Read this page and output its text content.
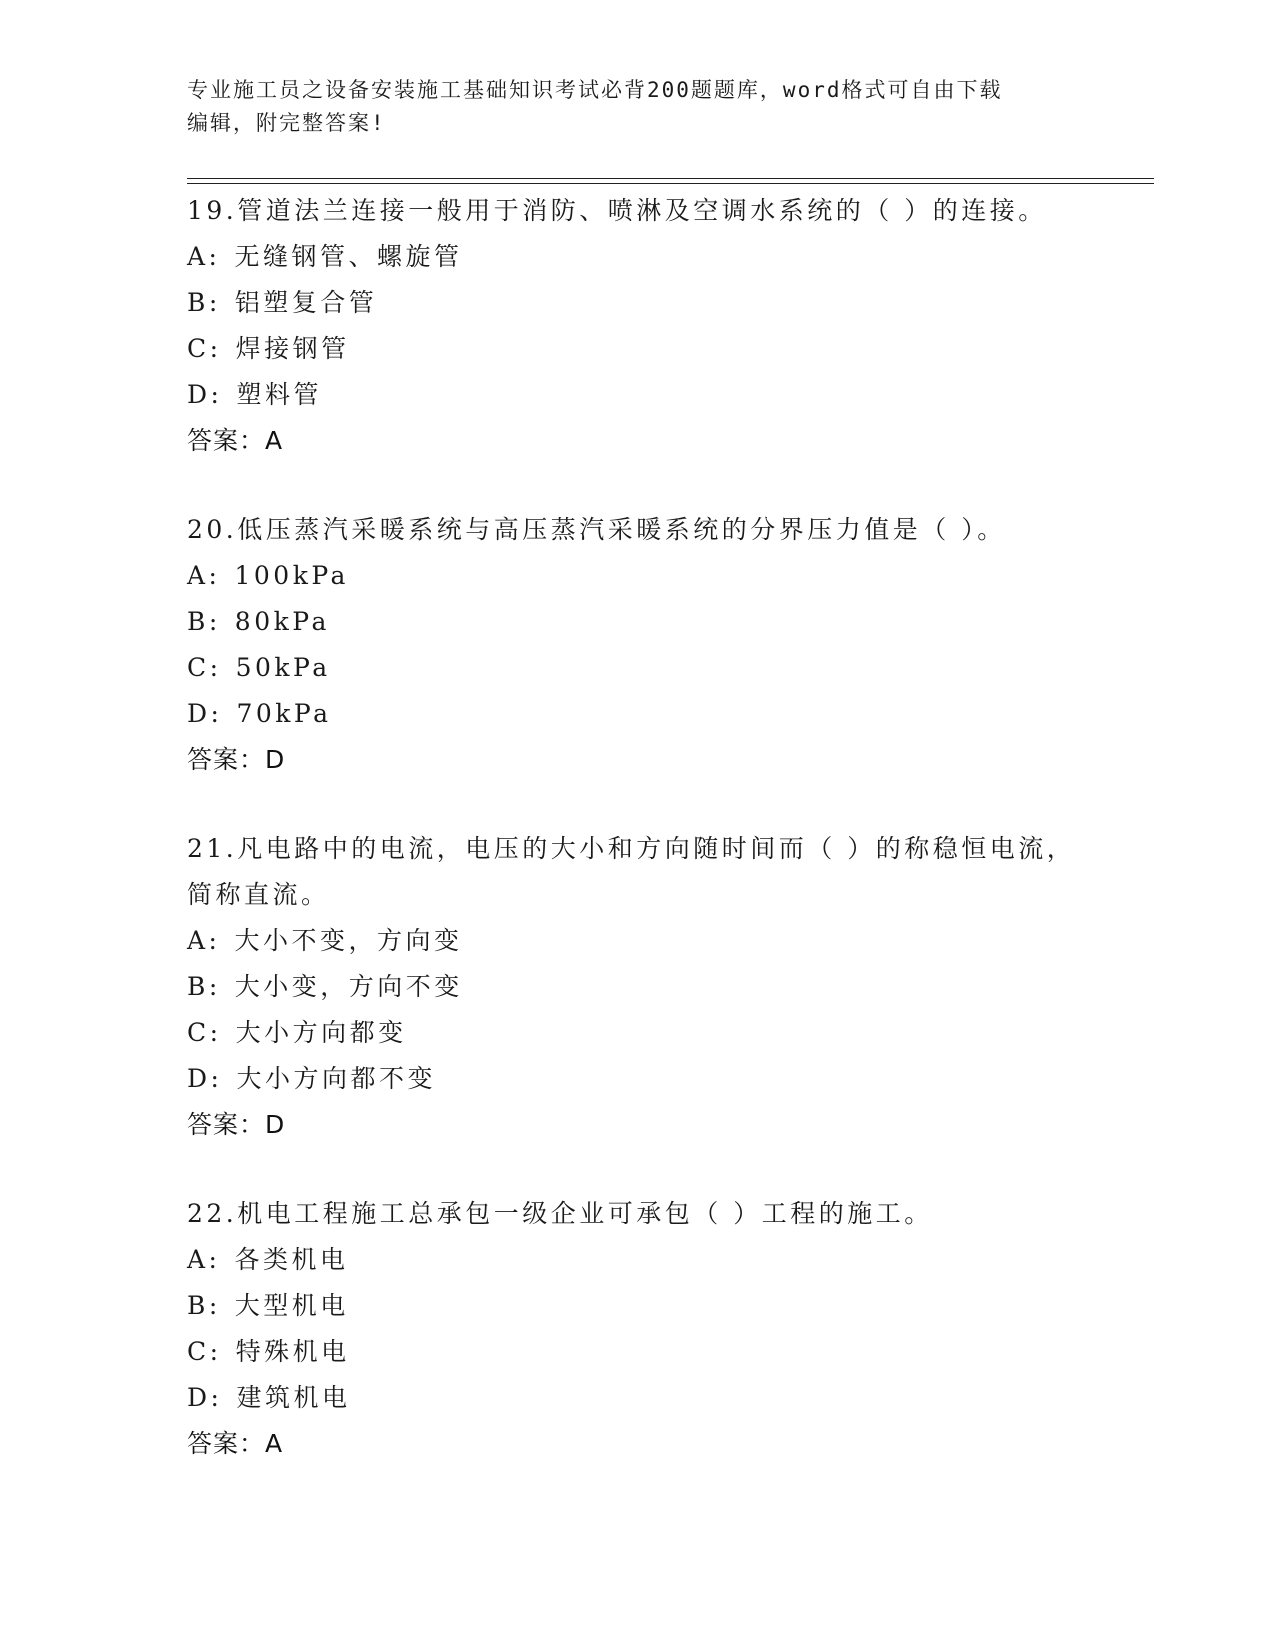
专业施工员之设备安装施工基础知识考试必背200题题库，word格式可自由下载
编辑，附完整答案!

19.管道法兰连接一般用于消防、喷淋及空调水系统的（ ）的连接。

A: 无缝钢管、螺旋管

B: 铝塑复合管

C: 焊接钢管

D: 塑料管

答案：A

20.低压蒸汽采暖系统与高压蒸汽采暖系统的分界压力值是（ ）。

A: 100kPa

B: 80kPa

C: 50kPa

D: 70kPa

答案：D

21.凡电路中的电流，电压的大小和方向随时间而（ ）的称稳恒电流，简称直流。

A: 大小不变，方向变

B: 大小变，方向不变

C: 大小方向都变

D: 大小方向都不变

答案：D

22.机电工程施工总承包一级企业可承包（ ）工程的施工。

A: 各类机电

B: 大型机电

C: 特殊机电

D: 建筑机电

答案：A
